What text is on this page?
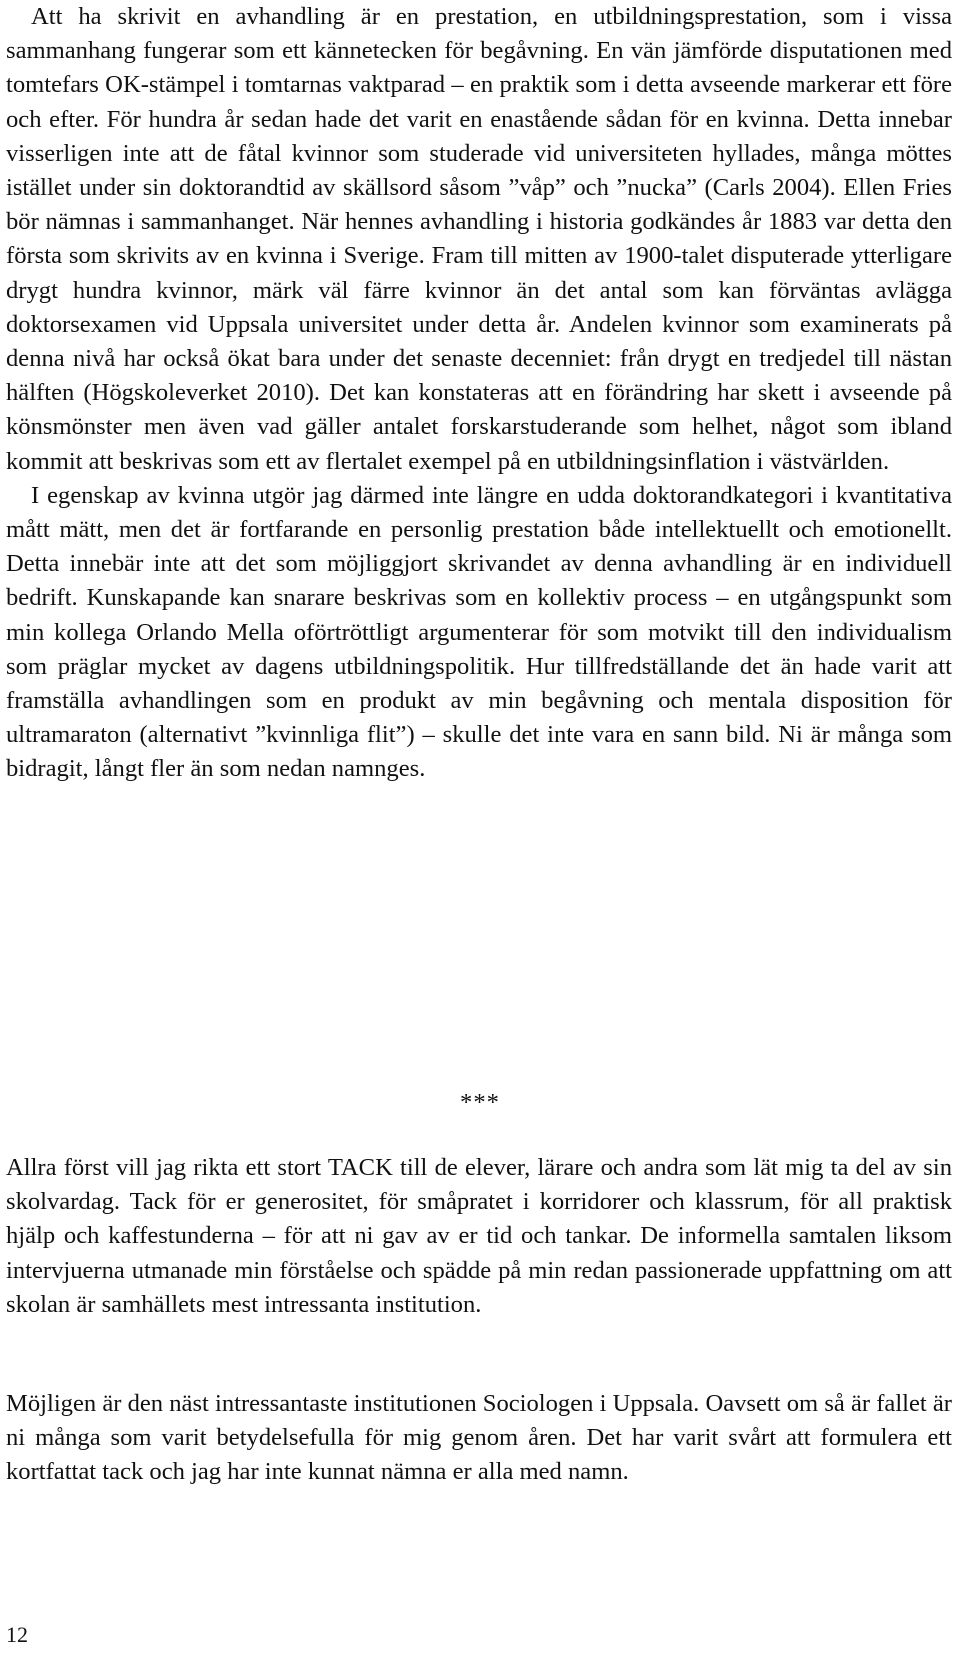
Att ha skrivit en avhandling är en prestation, en utbildningsprestation, som i vissa sammanhang fungerar som ett kännetecken för begåvning. En vän jämförde disputationen med tomtefars OK-stämpel i tomtarnas vaktparad – en praktik som i detta avseende markerar ett före och efter. För hundra år sedan hade det varit en enastående sådan för en kvinna. Detta innebar visserligen inte att de fåtal kvinnor som studerade vid universiteten hyllades, många möttes istället under sin doktorandtid av skällsord såsom ”våp” och ”nucka” (Carls 2004). Ellen Fries bör nämnas i sammanhanget. När hennes avhandling i historia godkändes år 1883 var detta den första som skrivits av en kvinna i Sverige. Fram till mitten av 1900-talet disputerade ytterligare drygt hundra kvinnor, märk väl färre kvinnor än det antal som kan förväntas avlägga doktorsexamen vid Uppsala universitet under detta år. Andelen kvinnor som examinerats på denna nivå har också ökat bara under det senaste decenniet: från drygt en tredjedel till nästan hälften (Högskoleverket 2010). Det kan konstateras att en förändring har skett i avseende på könsmönster men även vad gäller antalet forskarstuderande som helhet, något som ibland kommit att beskrivas som ett av flertalet exempel på en utbildningsinflation i västvärlden.

I egenskap av kvinna utgör jag därmed inte längre en udda doktorandkategori i kvantitativa mått mätt, men det är fortfarande en personlig prestation både intellektuellt och emotionellt. Detta innebär inte att det som möjliggjort skrivandet av denna avhandling är en individuell bedrift. Kunskapande kan snarare beskrivas som en kollektiv process – en utgångspunkt som min kollega Orlando Mella oförtröttligt argumenterar för som motvikt till den individualism som präglar mycket av dagens utbildningspolitik. Hur tillfredställande det än hade varit att framställa avhandlingen som en produkt av min begåvning och mentala disposition för ultramaraton (alternativt ”kvinnliga flit”) – skulle det inte vara en sann bild. Ni är många som bidragit, långt fler än som nedan namnges.

***

Allra först vill jag rikta ett stort TACK till de elever, lärare och andra som lät mig ta del av sin skolvardag. Tack för er generositet, för småpratet i korridorer och klassrum, för all praktisk hjälp och kaffestunderna – för att ni gav av er tid och tankar. De informella samtalen liksom intervjuerna utmanade min förståelse och spädde på min redan passionerade uppfattning om att skolan är samhällets mest intressanta institution.

Möjligen är den näst intressantaste institutionen Sociologen i Uppsala. Oavsett om så är fallet är ni många som varit betydelsefulla för mig genom åren. Det har varit svårt att formulera ett kortfattat tack och jag har inte kunnat nämna er alla med namn.

12
